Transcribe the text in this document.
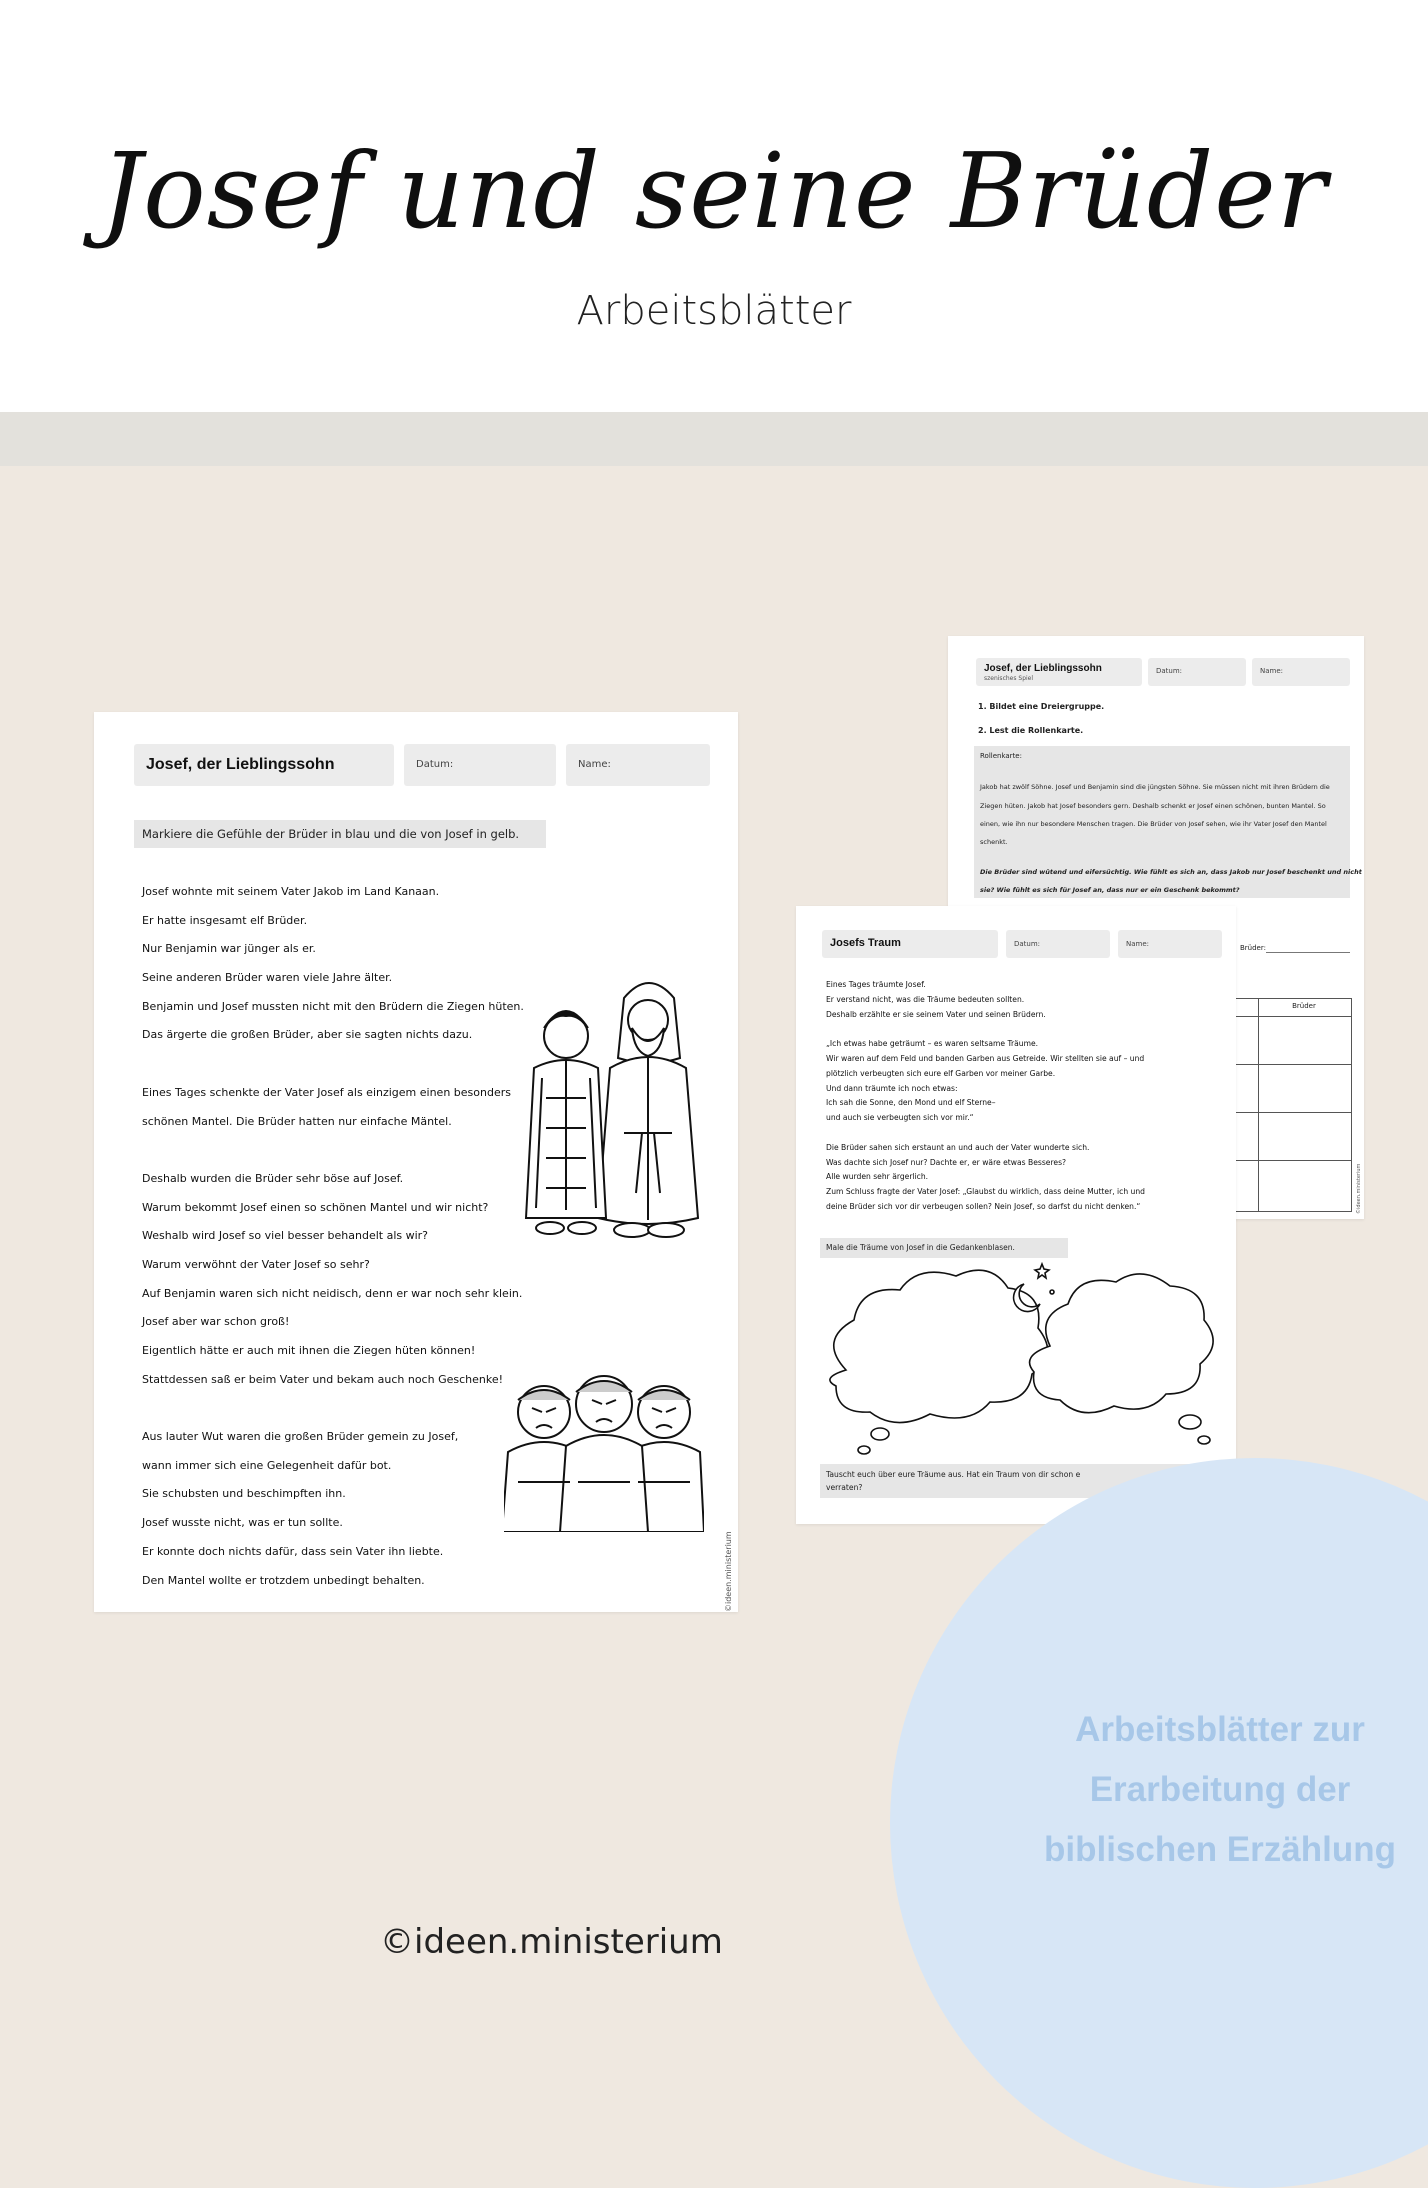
Josef und seine Brüder
Arbeitsblätter
Josef, der Lieblingssohn
szenisches Spiel
Datum:	Name:
1. Bildet eine Dreiergruppe.
2. Lest die Rollenkarte.
Rollenkarte:
Jakob hat zwölf Söhne. Josef und Benjamin sind die jüngsten Söhne. Sie müssen nicht mit ihren Brüdern die
Ziegen hüten. Jakob hat Josef besonders gern. Deshalb schenkt er Josef einen schönen, bunten Mantel. So
einen, wie ihn nur besondere Menschen tragen. Die Brüder von Josef sehen, wie ihr Vater Josef den Mantel
schenkt.
Die Brüder sind wütend und eifersüchtig. Wie fühlt es sich an, dass Jakob nur Josef beschenkt und nicht
sie? Wie fühlt es sich für Josef an, dass nur er ein Geschenk bekommt?
Brüder:
Brüder
©ideen.ministerium
Josef, der Lieblingssohn	Datum:	Name:
Markiere die Gefühle der Brüder in blau und die von Josef in gelb.
Josef wohnte mit seinem Vater Jakob im Land Kanaan.
Er hatte insgesamt elf Brüder.
Nur Benjamin war jünger als er.
Seine anderen Brüder waren viele Jahre älter.
Benjamin und Josef mussten nicht mit den Brüdern die Ziegen hüten.
Das ärgerte die großen Brüder, aber sie sagten nichts dazu.
Eines Tages schenkte der Vater Josef als einzigem einen besonders
schönen Mantel. Die Brüder hatten nur einfache Mäntel.
Deshalb wurden die Brüder sehr böse auf Josef.
Warum bekommt Josef einen so schönen Mantel und wir nicht?
Weshalb wird Josef so viel besser behandelt als wir?
Warum verwöhnt der Vater Josef so sehr?
Auf Benjamin waren sich nicht neidisch, denn er war noch sehr klein.
Josef aber war schon groß!
Eigentlich hätte er auch mit ihnen die Ziegen hüten können!
Stattdessen saß er beim Vater und bekam auch noch Geschenke!
Aus lauter Wut waren die großen Brüder gemein zu Josef,
wann immer sich eine Gelegenheit dafür bot.
Sie schubsten und beschimpften ihn.
Josef wusste nicht, was er tun sollte.
Er konnte doch nichts dafür, dass sein Vater ihn liebte.
Den Mantel wollte er trotzdem unbedingt behalten.	©ideen.ministerium
Josefs Traum	Datum:	Name:
Eines Tages träumte Josef.
Er verstand nicht, was die Träume bedeuten sollten.
Deshalb erzählte er sie seinem Vater und seinen Brüdern.
„Ich etwas habe geträumt – es waren seltsame Träume.
Wir waren auf dem Feld und banden Garben aus Getreide. Wir stellten sie auf – und
plötzlich verbeugten sich eure elf Garben vor meiner Garbe.
Und dann träumte ich noch etwas:
Ich sah die Sonne, den Mond und elf Sterne–
und auch sie verbeugten sich vor mir.“
Die Brüder sahen sich erstaunt an und auch der Vater wunderte sich.
Was dachte sich Josef nur? Dachte er, er wäre etwas Besseres?
Alle wurden sehr ärgerlich.
Zum Schluss fragte der Vater Josef: „Glaubst du wirklich, dass deine Mutter, ich und
deine Brüder sich vor dir verbeugen sollen? Nein Josef, so darfst du nicht denken.“
Male die Träume von Josef in die Gedankenblasen.
Tauscht euch über eure Träume aus. Hat ein Traum von dir schon e
verraten?
Arbeitsblätter zur
Erarbeitung der
biblischen Erzählung
©ideen.ministerium
